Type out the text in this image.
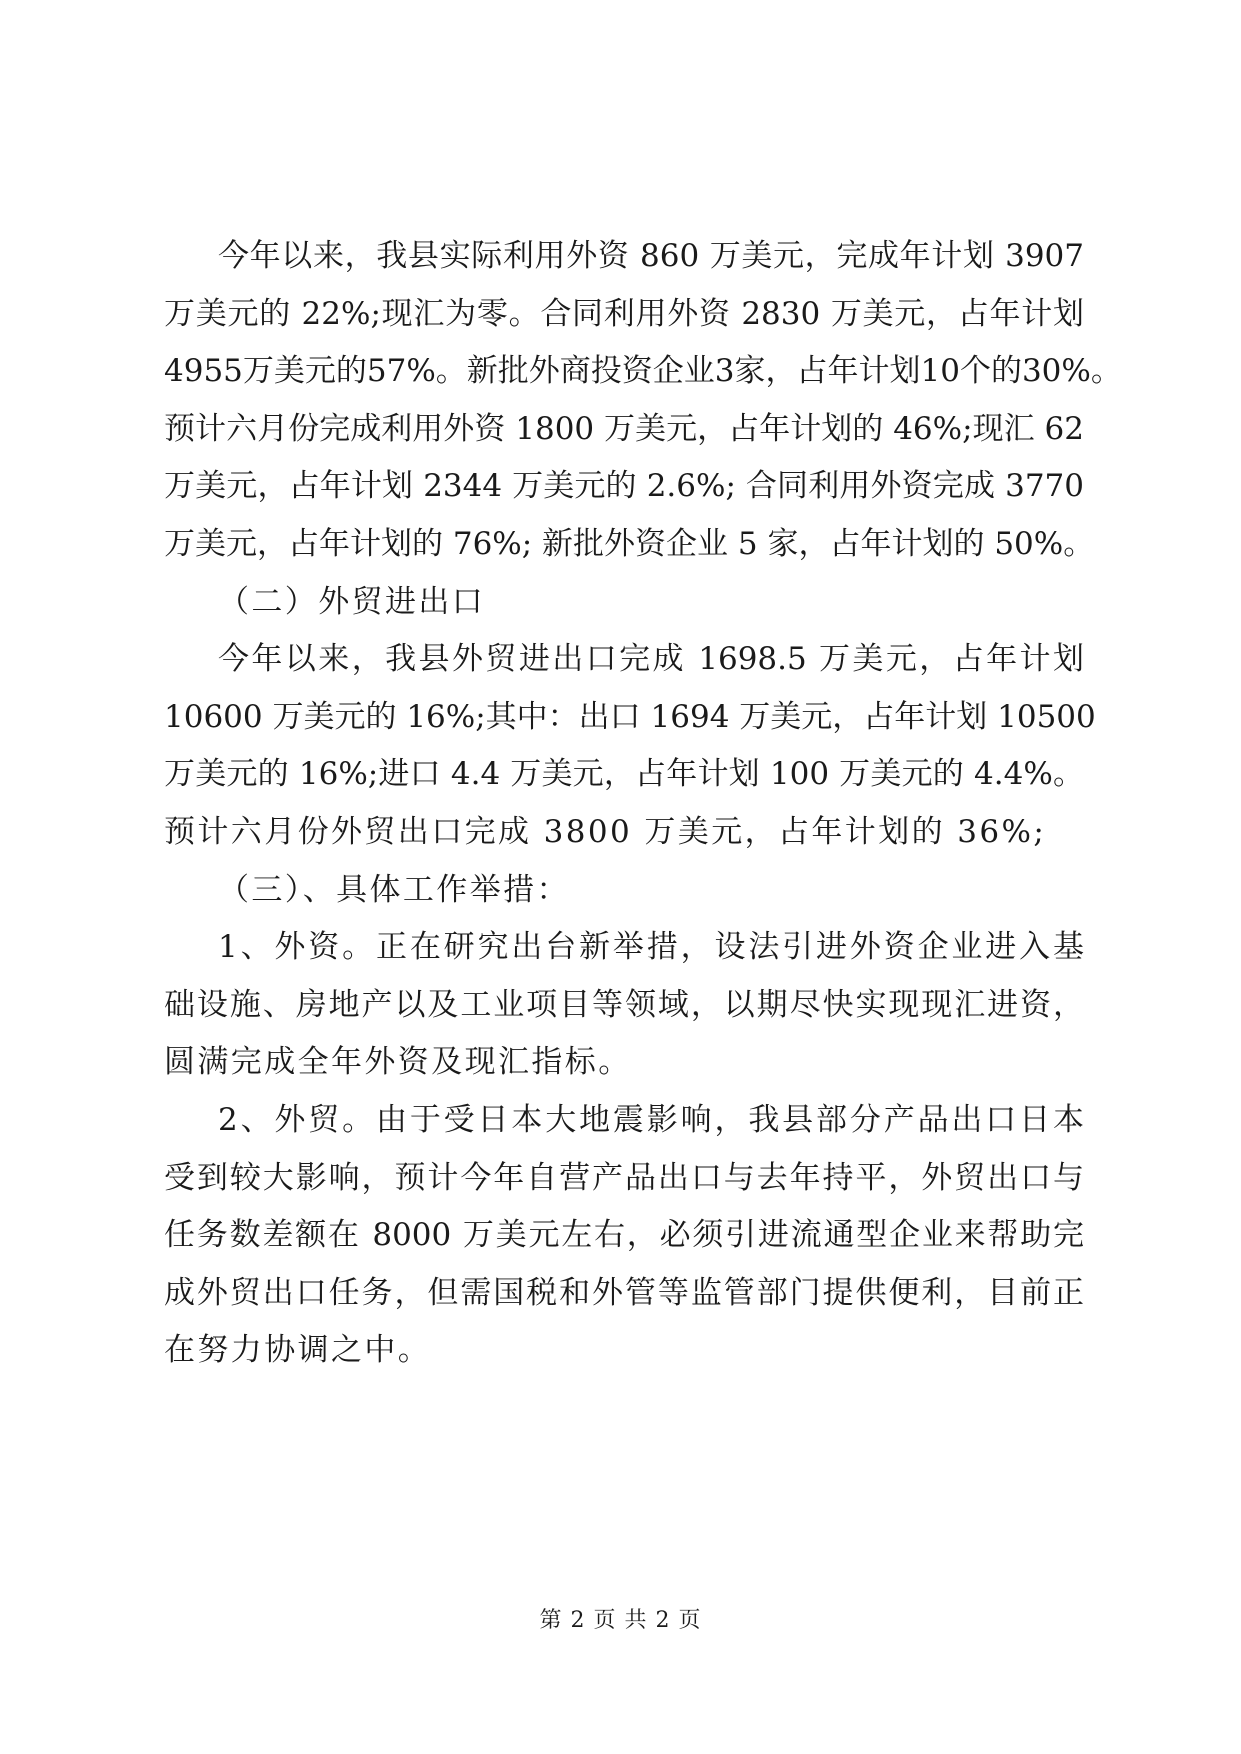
今年以来，我县实际利用外资 860 万美元，完成年计划 3907
万美元的 22%;现汇为零。合同利用外资 2830 万美元，占年计划
4955万美元的57%。新批外商投资企业3家，占年计划10个的30%。
预计六月份完成利用外资 1800 万美元，占年计划的 46%;现汇 62
万美元，占年计划 2344 万美元的 2.6%; 合同利用外资完成 3770
万美元，占年计划的 76%; 新批外资企业 5 家，占年计划的 50%。
（二）外贸进出口
今年以来，我县外贸进出口完成 1698.5 万美元，占年计划
10600 万美元的 16%;其中：出口 1694 万美元，占年计划 10500
万美元的 16%;进口 4.4 万美元，占年计划 100 万美元的 4.4%。
预计六月份外贸出口完成 3800 万美元，占年计划的 36%;
（三）、具体工作举措：
1、外资。正在研究出台新举措，设法引进外资企业进入基
础设施、房地产以及工业项目等领域，以期尽快实现现汇进资，
圆满完成全年外资及现汇指标。
2、外贸。由于受日本大地震影响，我县部分产品出口日本
受到较大影响，预计今年自营产品出口与去年持平，外贸出口与
任务数差额在 8000 万美元左右，必须引进流通型企业来帮助完
成外贸出口任务，但需国税和外管等监管部门提供便利，目前正
在努力协调之中。
第 2 页 共 2 页
